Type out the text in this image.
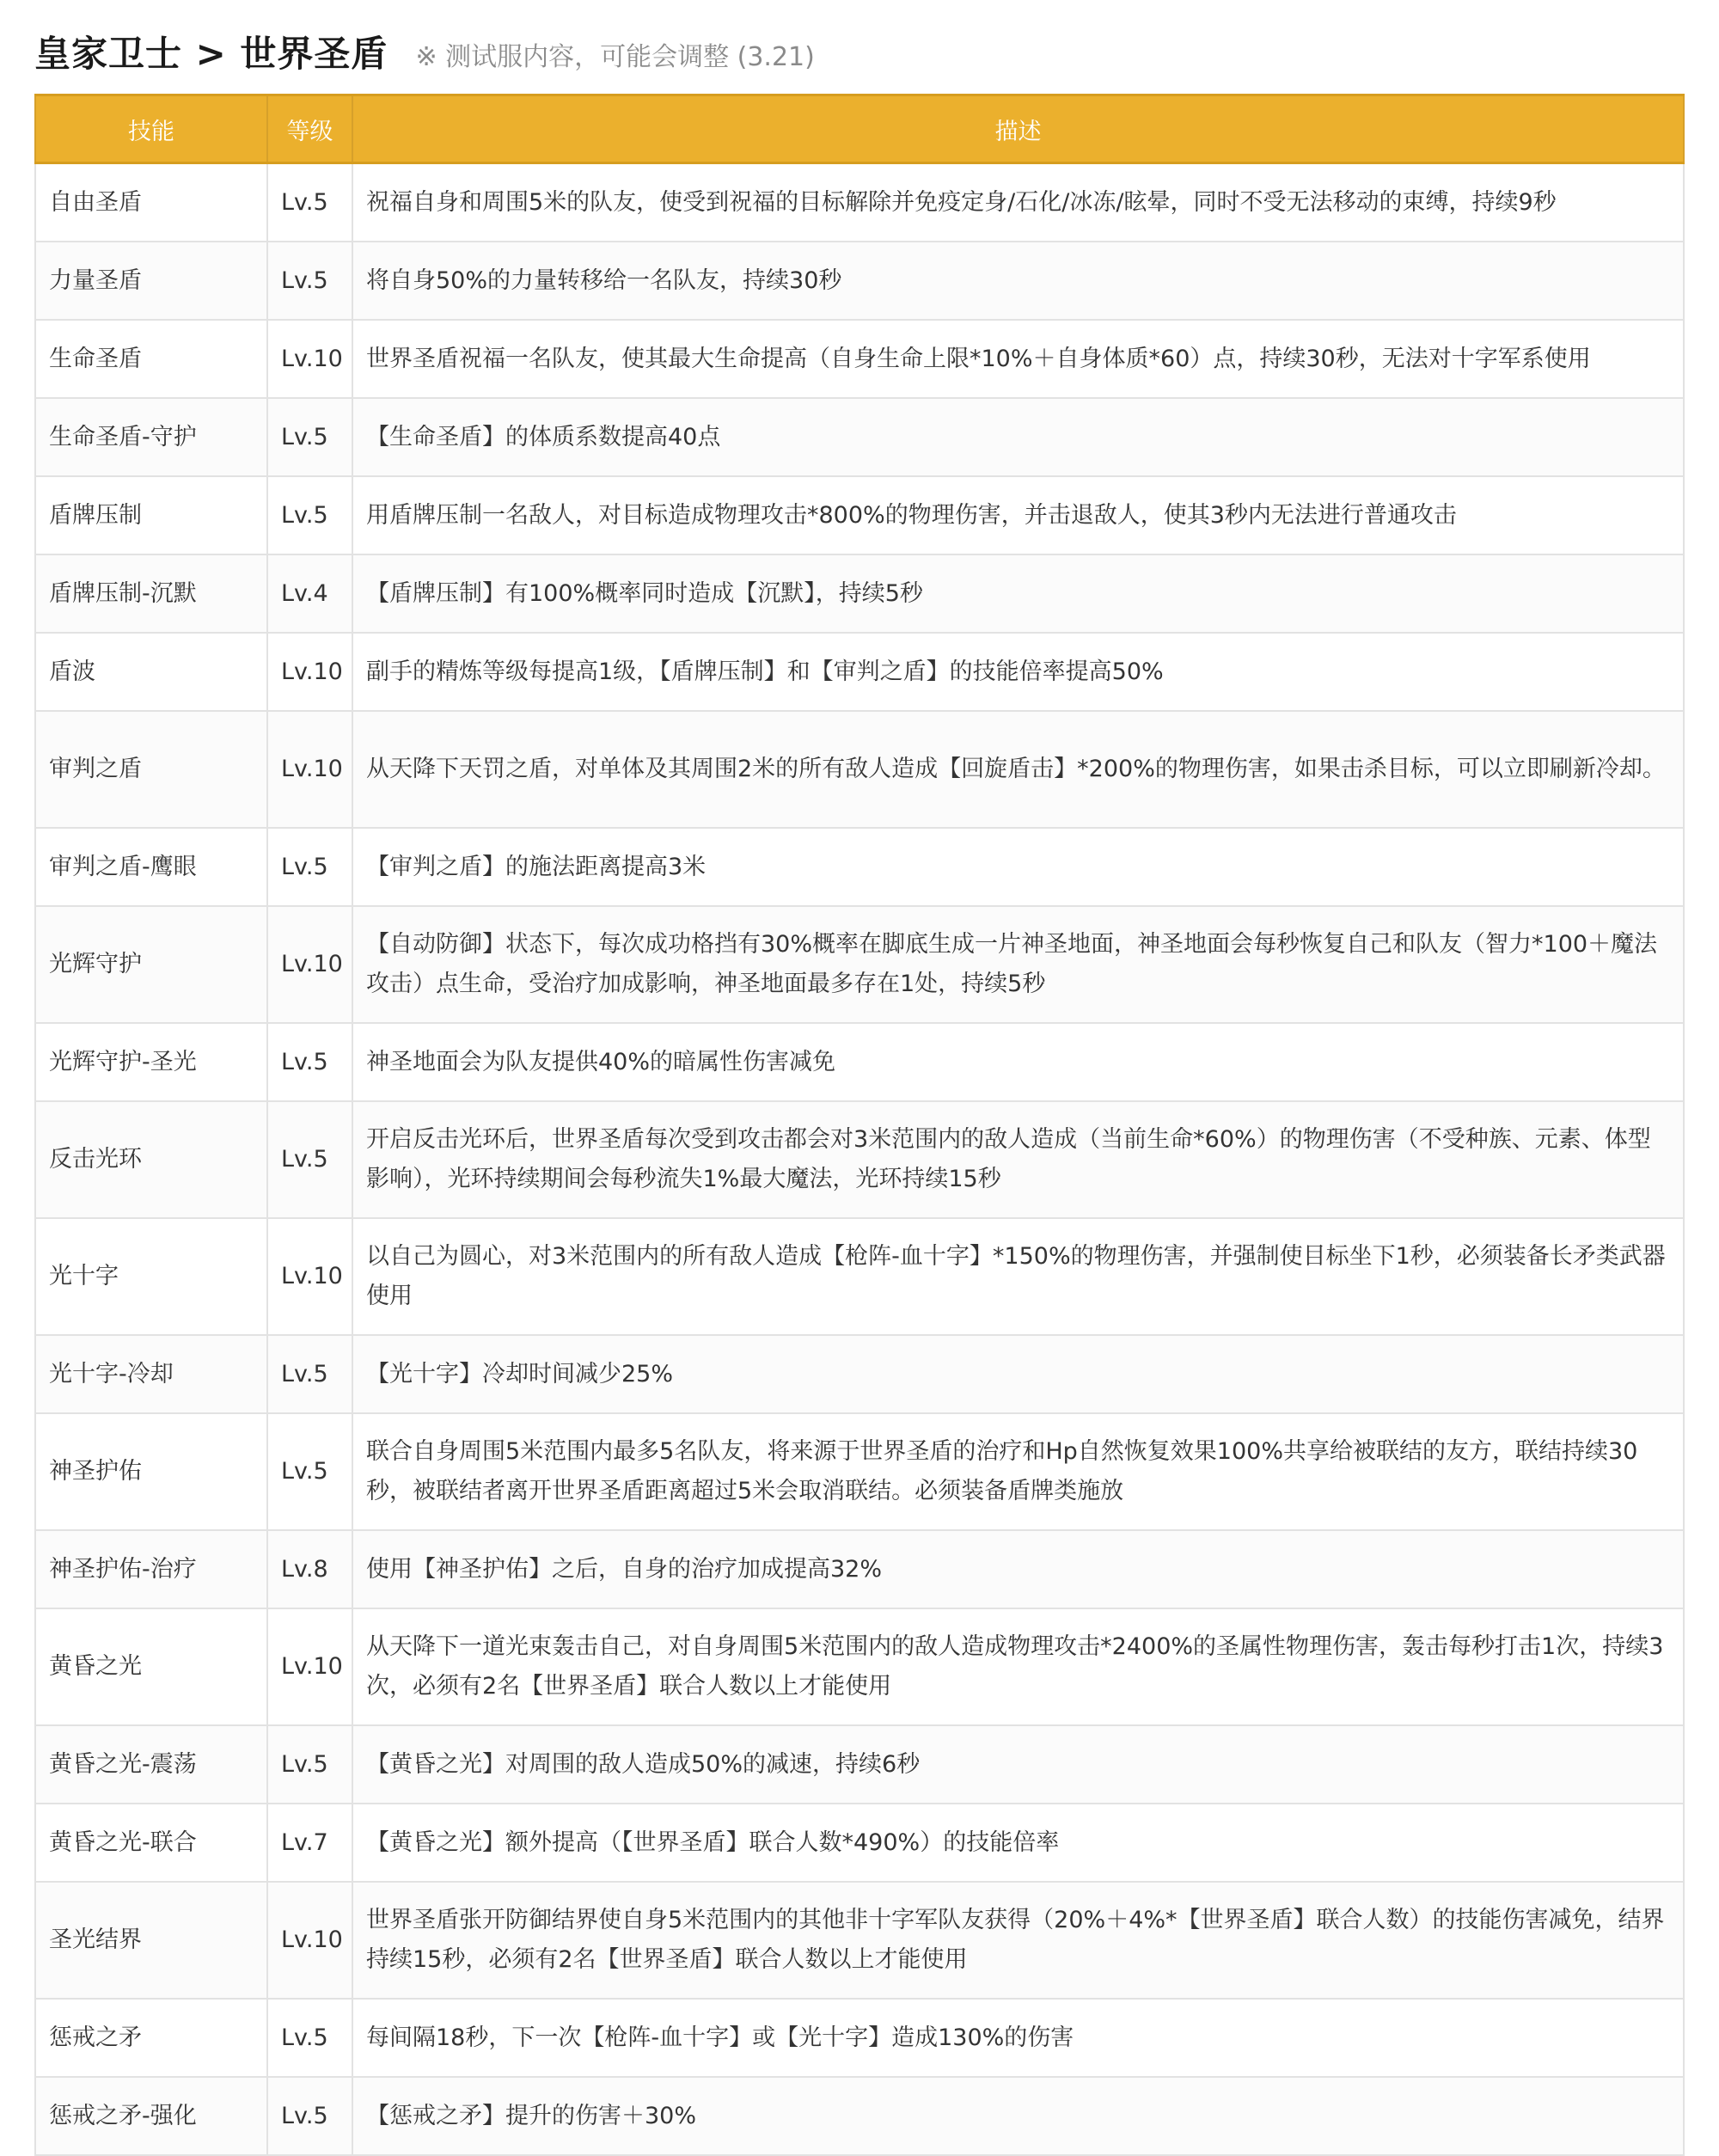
皇家卫士 > 世界圣盾 ※ 测试服内容，可能会调整 (3.21)
技能	等级	描述
自由圣盾	Lv.5	祝福自身和周围5米的队友，使受到祝福的目标解除并免疫定身/石化/冰冻/眩晕，同时不受无法移动的束缚，持续9秒
力量圣盾	Lv.5	将自身50%的力量转移给一名队友，持续30秒
生命圣盾	Lv.10	世界圣盾祝福一名队友，使其最大生命提高（自身生命上限*10%＋自身体质*60）点，持续30秒，无法对十字军系使用
生命圣盾-守护	Lv.5	【生命圣盾】的体质系数提高40点
盾牌压制	Lv.5	用盾牌压制一名敌人，对目标造成物理攻击*800%的物理伤害，并击退敌人，使其3秒内无法进行普通攻击
盾牌压制-沉默	Lv.4	【盾牌压制】有100%概率同时造成【沉默】，持续5秒
盾波	Lv.10	副手的精炼等级每提高1级，【盾牌压制】和【审判之盾】的技能倍率提高50%
审判之盾	Lv.10	从天降下天罚之盾，对单体及其周围2米的所有敌人造成【回旋盾击】*200%的物理伤害，如果击杀目标，可以立即刷新冷却。
审判之盾-鹰眼	Lv.5	【审判之盾】的施法距离提高3米
光辉守护	Lv.10	【自动防御】状态下，每次成功格挡有30%概率在脚底生成一片神圣地面，神圣地面会每秒恢复自己和队友（智力*100＋魔法攻击）点生命，受治疗加成影响，神圣地面最多存在1处，持续5秒
光辉守护-圣光	Lv.5	神圣地面会为队友提供40%的暗属性伤害减免
反击光环	Lv.5	开启反击光环后，世界圣盾每次受到攻击都会对3米范围内的敌人造成（当前生命*60%）的物理伤害（不受种族、元素、体型影响），光环持续期间会每秒流失1%最大魔法，光环持续15秒
光十字	Lv.10	以自己为圆心，对3米范围内的所有敌人造成【枪阵-血十字】*150%的物理伤害，并强制使目标坐下1秒，必须装备长矛类武器使用
光十字-冷却	Lv.5	【光十字】冷却时间减少25%
神圣护佑	Lv.5	联合自身周围5米范围内最多5名队友，将来源于世界圣盾的治疗和Hp自然恢复效果100%共享给被联结的友方，联结持续30秒，被联结者离开世界圣盾距离超过5米会取消联结。必须装备盾牌类施放
神圣护佑-治疗	Lv.8	使用【神圣护佑】之后，自身的治疗加成提高32%
黄昏之光	Lv.10	从天降下一道光束轰击自己，对自身周围5米范围内的敌人造成物理攻击*2400%的圣属性物理伤害，轰击每秒打击1次，持续3次，必须有2名【世界圣盾】联合人数以上才能使用
黄昏之光-震荡	Lv.5	【黄昏之光】对周围的敌人造成50%的减速，持续6秒
黄昏之光-联合	Lv.7	【黄昏之光】额外提高（【世界圣盾】联合人数*490%）的技能倍率
圣光结界	Lv.10	世界圣盾张开防御结界使自身5米范围内的其他非十字军队友获得（20%＋4%*【世界圣盾】联合人数）的技能伤害减免，结界持续15秒，必须有2名【世界圣盾】联合人数以上才能使用
惩戒之矛	Lv.5	每间隔18秒，下一次【枪阵-血十字】或【光十字】造成130%的伤害
惩戒之矛-强化	Lv.5	【惩戒之矛】提升的伤害＋30%
